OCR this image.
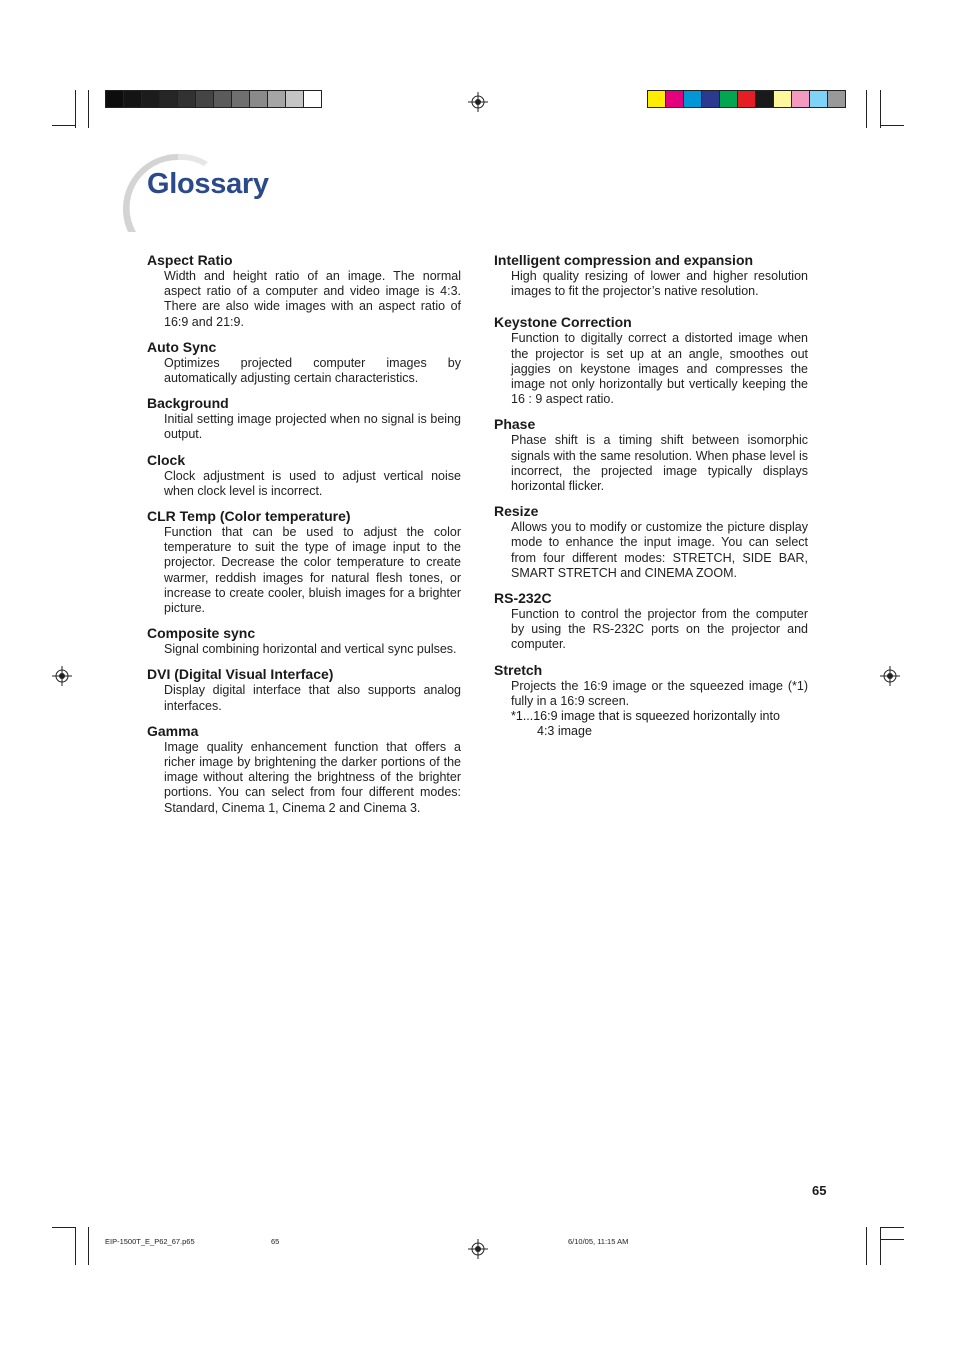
Glossary
Aspect Ratio
Width and height ratio of an image. The normal aspect ratio of a computer and video image is 4:3. There are also wide images with an aspect ratio of 16:9 and 21:9.
Auto Sync
Optimizes projected computer images by automatically adjusting certain characteristics.
Background
Initial setting image projected when no signal is being output.
Clock
Clock adjustment is used to adjust vertical noise when clock level is incorrect.
CLR Temp (Color temperature)
Function that can be used to adjust the color temperature to suit the type of image input to the projector. Decrease the color temperature to create warmer, reddish images for natural flesh tones, or increase to create cooler, bluish images for a brighter picture.
Composite sync
Signal combining horizontal and vertical sync pulses.
DVI (Digital Visual Interface)
Display digital interface that also supports analog interfaces.
Gamma
Image quality enhancement function that offers a richer image by brightening the darker portions of the image without altering the brightness of the brighter portions. You can select from four different modes: Standard, Cinema 1, Cinema 2 and Cinema 3.
Intelligent compression and expansion
High quality resizing of lower and higher resolution images to fit the projector’s native resolution.
Keystone Correction
Function to digitally correct a distorted image when the projector is set up at an angle, smoothes out jaggies on keystone images and compresses the image not only horizontally but vertically keeping the 16 : 9 aspect ratio.
Phase
Phase shift is a timing shift between isomorphic signals with the same resolution. When phase level is incorrect, the projected image typically displays horizontal flicker.
Resize
Allows you to modify or customize the picture display mode to enhance the input image. You can select from four different modes: STRETCH, SIDE BAR, SMART STRETCH and CINEMA ZOOM.
RS-232C
Function to control the projector from the computer by using the RS-232C ports on the projector and computer.
Stretch
Projects the 16:9 image or the squeezed image (*1) fully in a 16:9 screen.
*1...16:9 image that is squeezed horizontally into
4:3 image
65
EIP-1500T_E_P62_67.p65	65	6/10/05, 11:15 AM
